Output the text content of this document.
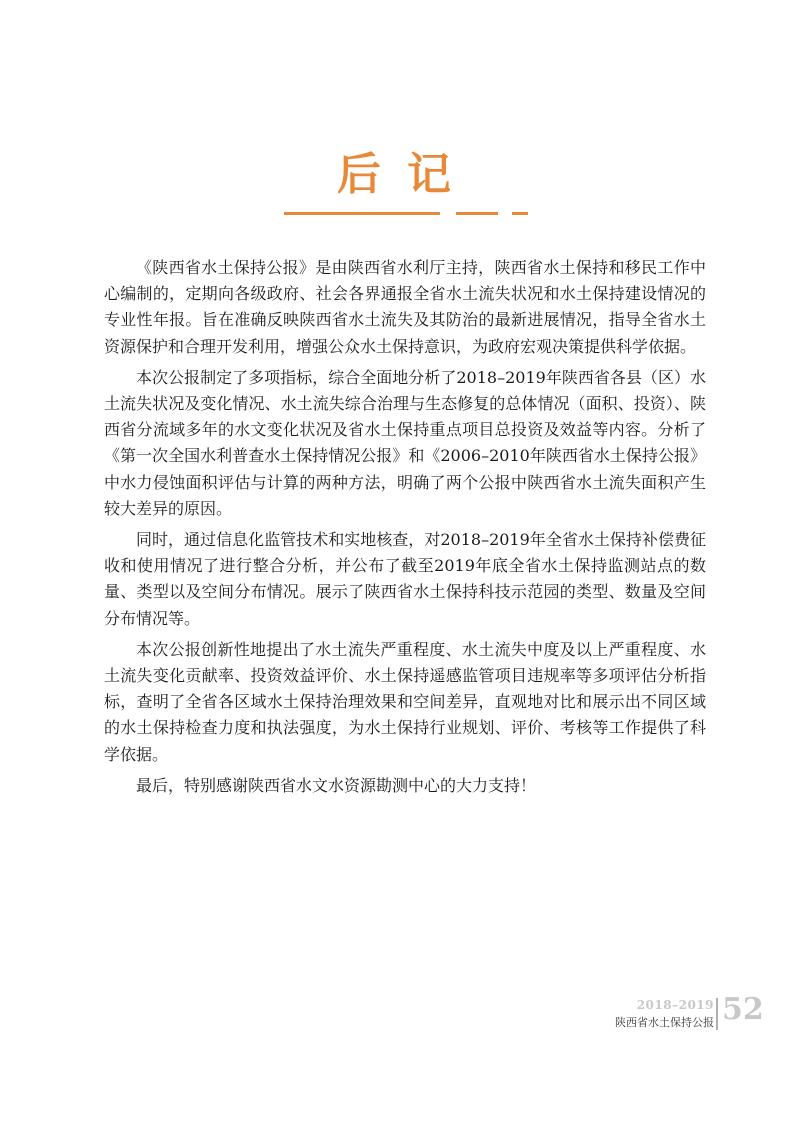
后记

《陕西省水土保持公报》是由陕西省水利厅主持，陕西省水土保持和移民工作中心编制的，定期向各级政府、社会各界通报全省水土流失状况和水土保持建设情况的专业性年报。旨在准确反映陕西省水土流失及其防治的最新进展情况，指导全省水土资源保护和合理开发利用，增强公众水土保持意识，为政府宏观决策提供科学依据。

本次公报制定了多项指标，综合全面地分析了2018–2019年陕西省各县（区）水土流失状况及变化情况、水土流失综合治理与生态修复的总体情况（面积、投资）、陕西省分流域多年的水文变化状况及省水土保持重点项目总投资及效益等内容。分析了《第一次全国水利普查水土保持情况公报》和《2006–2010年陕西省水土保持公报》中水力侵蚀面积评估与计算的两种方法，明确了两个公报中陕西省水土流失面积产生较大差异的原因。

同时，通过信息化监管技术和实地核查，对2018–2019年全省水土保持补偿费征收和使用情况了进行整合分析，并公布了截至2019年底全省水土保持监测站点的数量、类型以及空间分布情况。展示了陕西省水土保持科技示范园的类型、数量及空间分布情况等。

本次公报创新性地提出了水土流失严重程度、水土流失中度及以上严重程度、水土流失变化贡献率、投资效益评价、水土保持遥感监管项目违规率等多项评估分析指标，查明了全省各区域水土保持治理效果和空间差异，直观地对比和展示出不同区域的水土保持检查力度和执法强度，为水土保持行业规划、评价、考核等工作提供了科学依据。

最后，特别感谢陕西省水文水资源勘测中心的大力支持！

2018–2019
陕西省水土保持公报 52
